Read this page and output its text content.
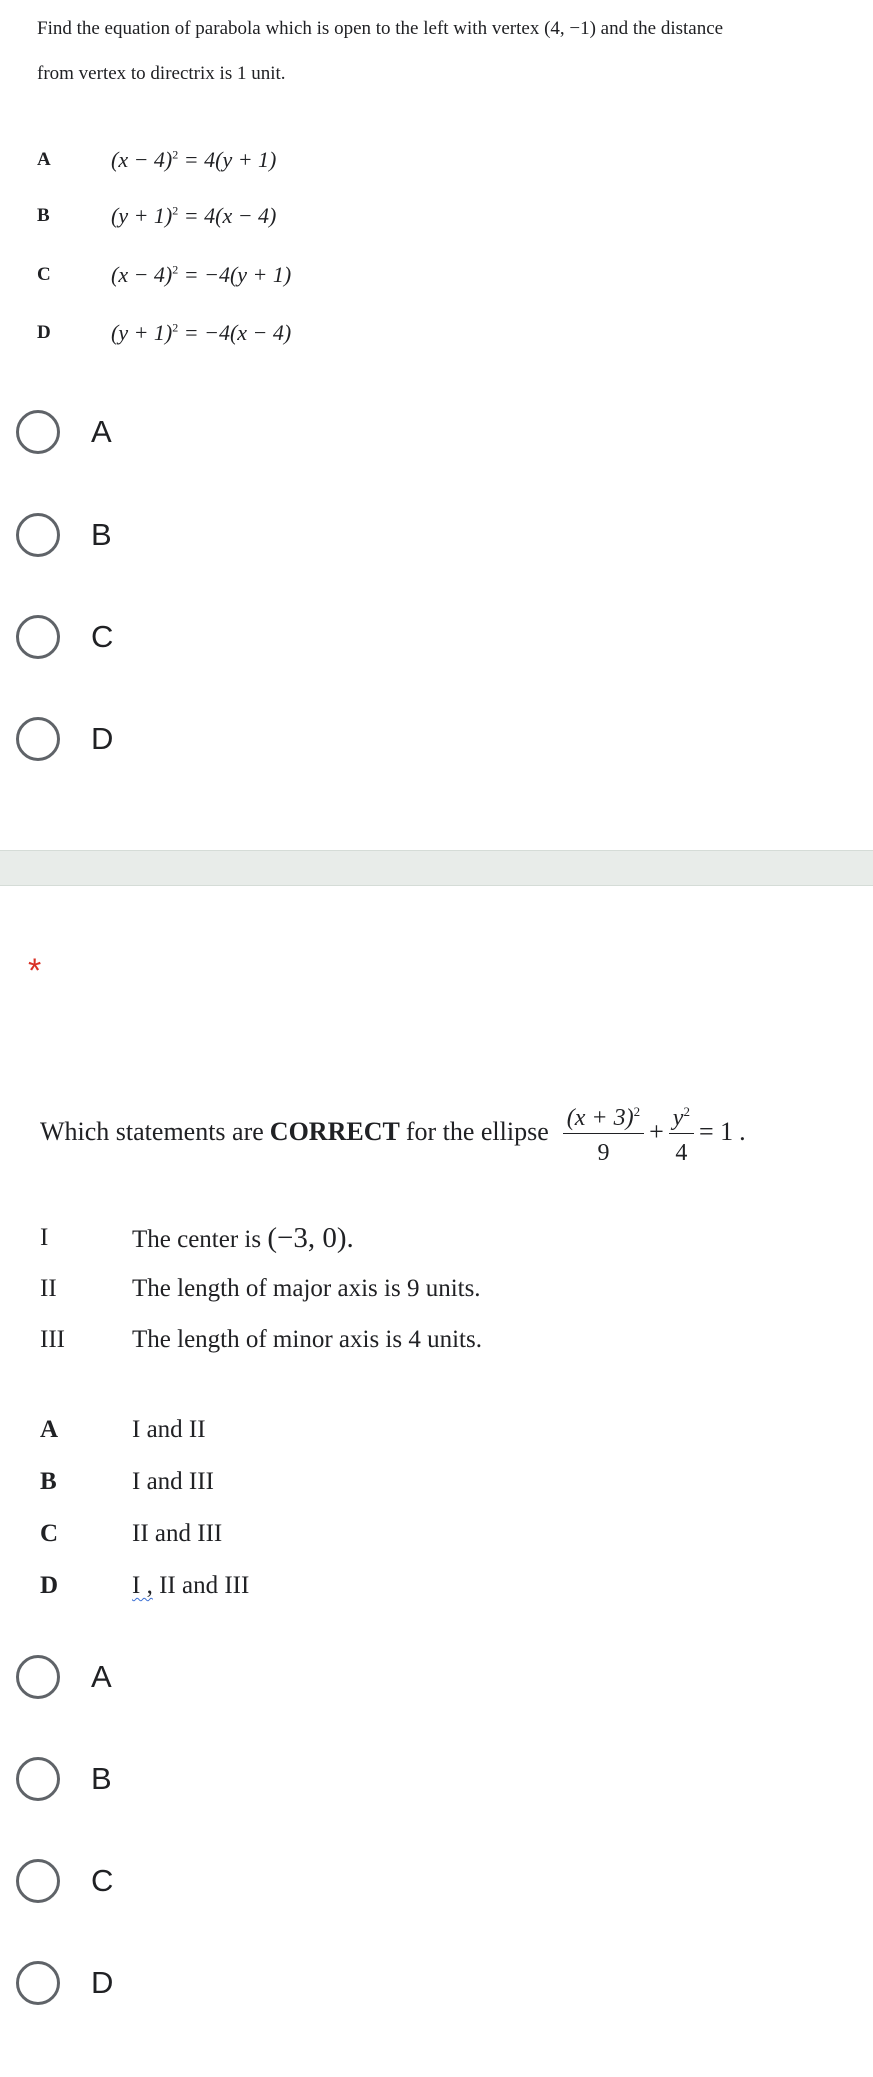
Find the equation of parabola which is open to the left with vertex (4, −1) and the distance
from vertex to directrix is 1 unit.

A	$(x - 4)^2 = 4(y + 1)$
B	$(y + 1)^2 = 4(x - 4)$
C	$(x - 4)^2 = -4(y + 1)$
D	$(y + 1)^2 = -4(x - 4)$
A
B
C
D
*
Which statements are CORRECT for the ellipse $\frac{(x + 3)^2}{9} + \frac{y^2}{4} = 1$ .
I	The center is (−3, 0).
II	The length of major axis is 9 units.
III	The length of minor axis is 4 units.
A	I and II
B	I and III
C	II and III
D	I , II and III
A
B
C
D
